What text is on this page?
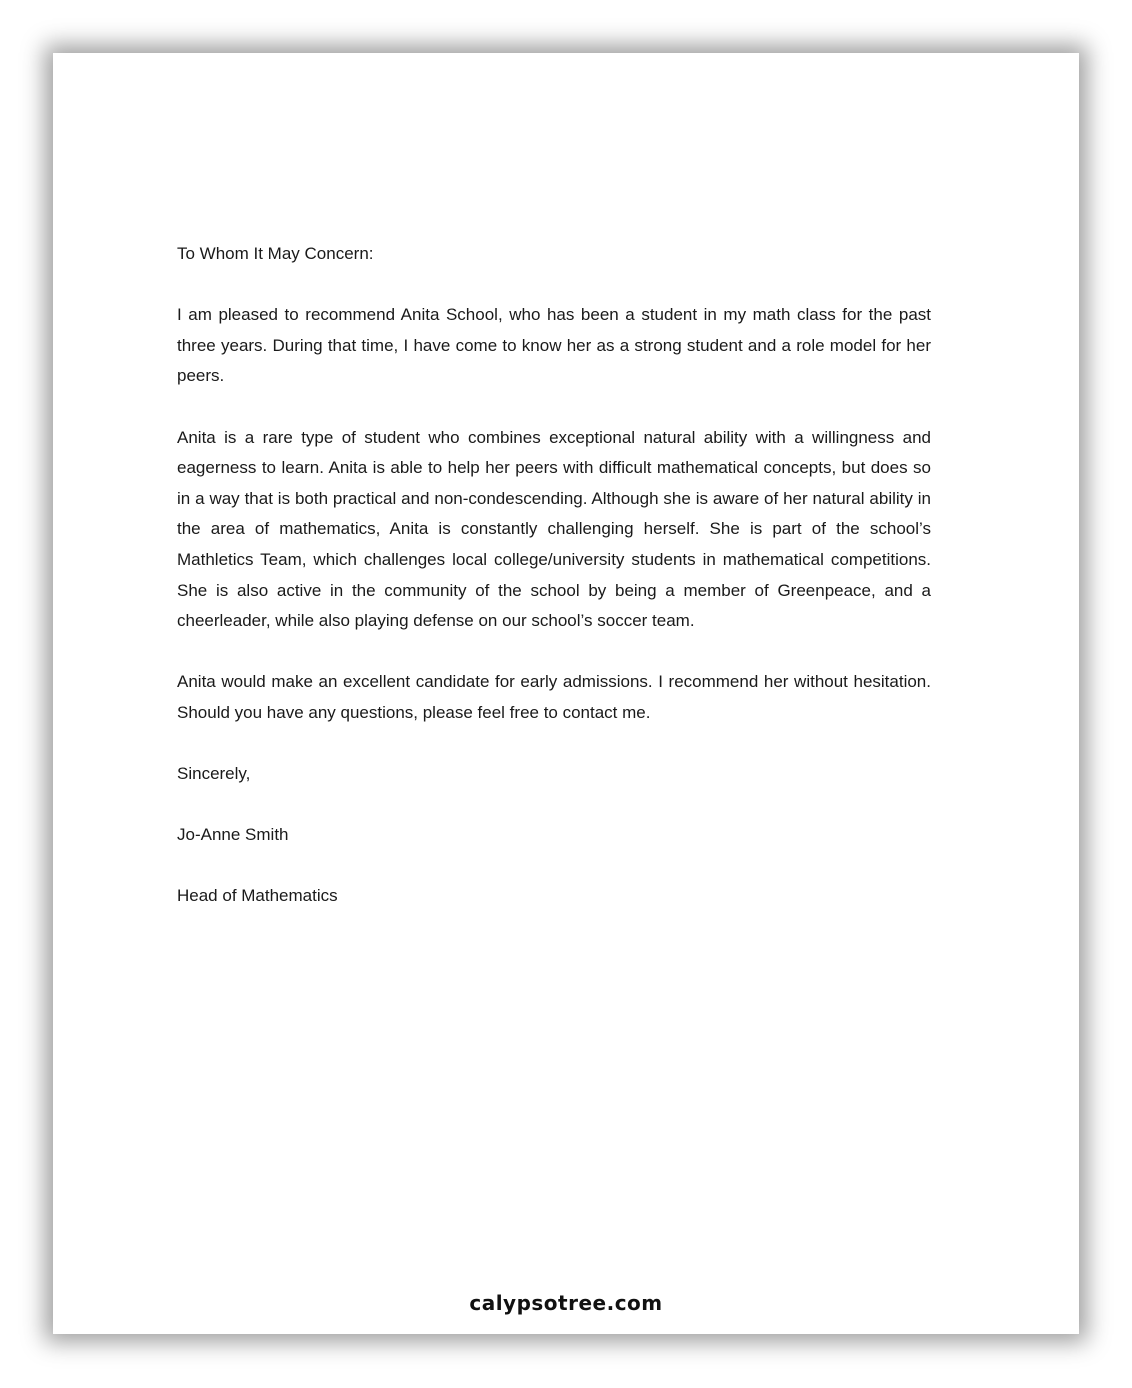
To Whom It May Concern:

I am pleased to recommend Anita School, who has been a student in my math class for the past three years. During that time, I have come to know her as a strong student and a role model for her peers.

Anita is a rare type of student who combines exceptional natural ability with a willingness and eagerness to learn. Anita is able to help her peers with difficult mathematical concepts, but does so in a way that is both practical and non-condescending. Although she is aware of her natural ability in the area of mathematics, Anita is constantly challenging herself. She is part of the school’s Mathletics Team, which challenges local college/university students in mathematical competitions. She is also active in the community of the school by being a member of Greenpeace, and a cheerleader, while also playing defense on our school’s soccer team.

Anita would make an excellent candidate for early admissions. I recommend her without hesitation. Should you have any questions, please feel free to contact me.

Sincerely,

Jo-Anne Smith

Head of Mathematics

calypsotree.com
